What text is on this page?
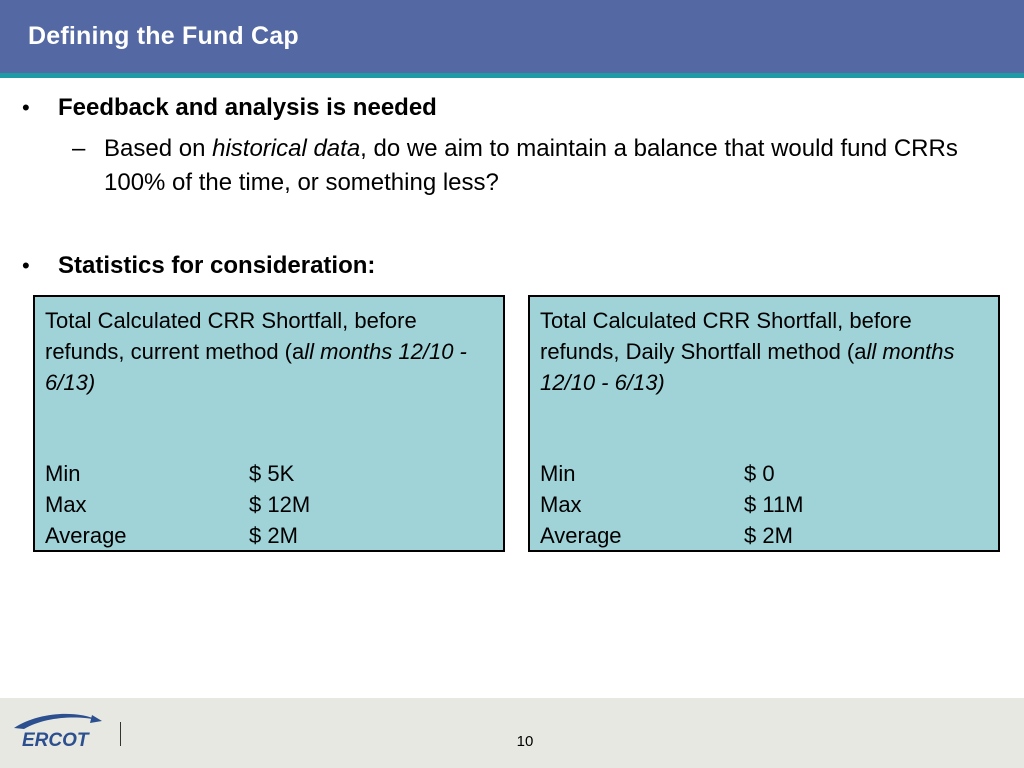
Defining the Fund Cap
• Feedback and analysis is needed
– Based on historical data, do we aim to maintain a balance that would fund CRRs 100% of the time, or something less?
• Statistics for consideration:
Total Calculated CRR Shortfall, before refunds, current method (all months 12/10 - 6/13)
Min	$ 5K
Max	$ 12M
Average	$ 2M
Total Calculated CRR Shortfall, before refunds, Daily Shortfall method (all months 12/10 - 6/13)
Min	$ 0
Max	$ 11M
Average	$ 2M
ERCOT	10
